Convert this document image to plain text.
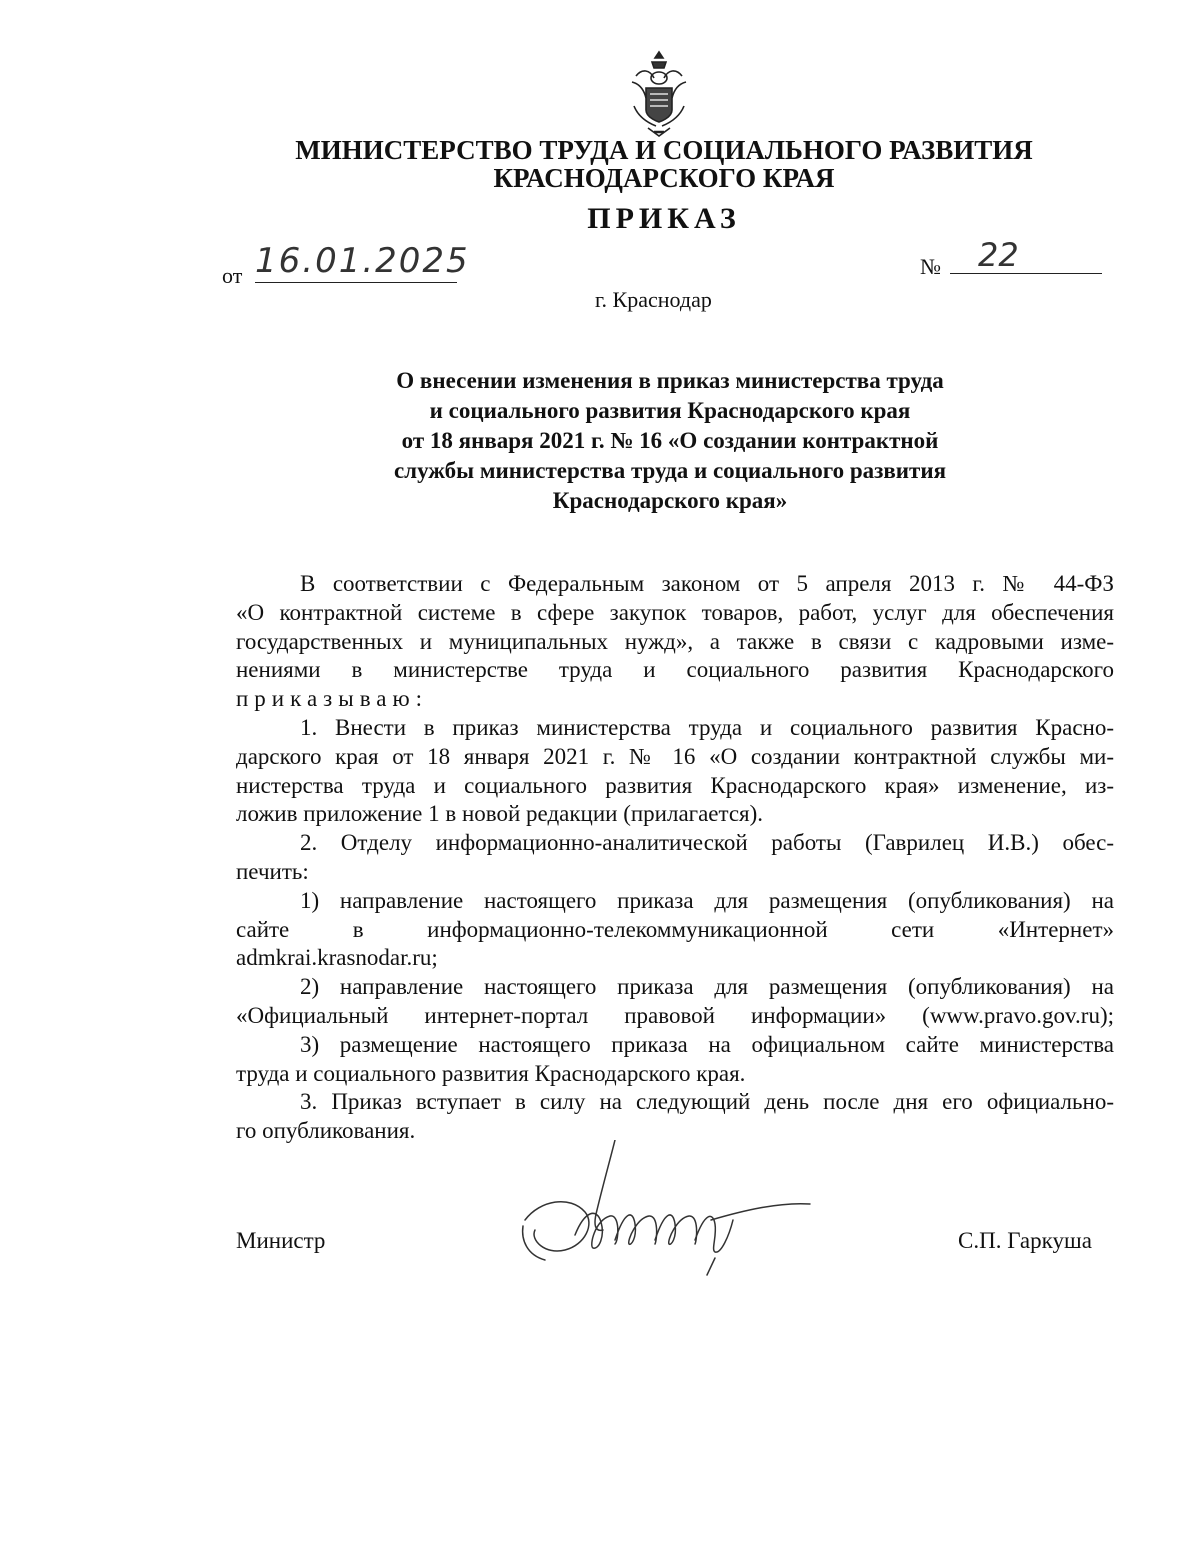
МИНИСТЕРСТВО ТРУДА И СОЦИАЛЬНОГО РАЗВИТИЯ
КРАСНОДАРСКОГО КРАЯ
ПРИКАЗ
от 16.01.2025	№	22
г. Краснодар
О внесении изменения в приказ министерства труда
и социального развития Краснодарского края
от 18 января 2021 г. № 16 «О создании контрактной
службы министерства труда и социального развития
Краснодарского края»
В соответствии с Федеральным законом от 5 апреля 2013 г. № 44-ФЗ
«О контрактной системе в сфере закупок товаров, работ, услуг для обеспечения
государственных и муниципальных нужд», а также в связи с кадровыми изме-
нениями в министерстве труда и социального развития Краснодарского
приказываю:
1. Внести в приказ министерства труда и социального развития Красно-
дарского края от 18 января 2021 г. № 16 «О создании контрактной службы ми-
нистерства труда и социального развития Краснодарского края» изменение, из-
ложив приложение 1 в новой редакции (прилагается).
2. Отделу информационно-аналитической работы (Гаврилец И.В.) обес-
печить:
1) направление настоящего приказа для размещения (опубликования) на
сайте в информационно-телекоммуникационной сети «Интернет»
admkrai.krasnodar.ru;
2) направление настоящего приказа для размещения (опубликования) на
«Официальный интернет-портал правовой информации» (www.pravo.gov.ru);
3) размещение настоящего приказа на официальном сайте министерства
труда и социального развития Краснодарского края.
3. Приказ вступает в силу на следующий день после дня его официально-
го опубликования.
Министр	С.П. Гаркуша
